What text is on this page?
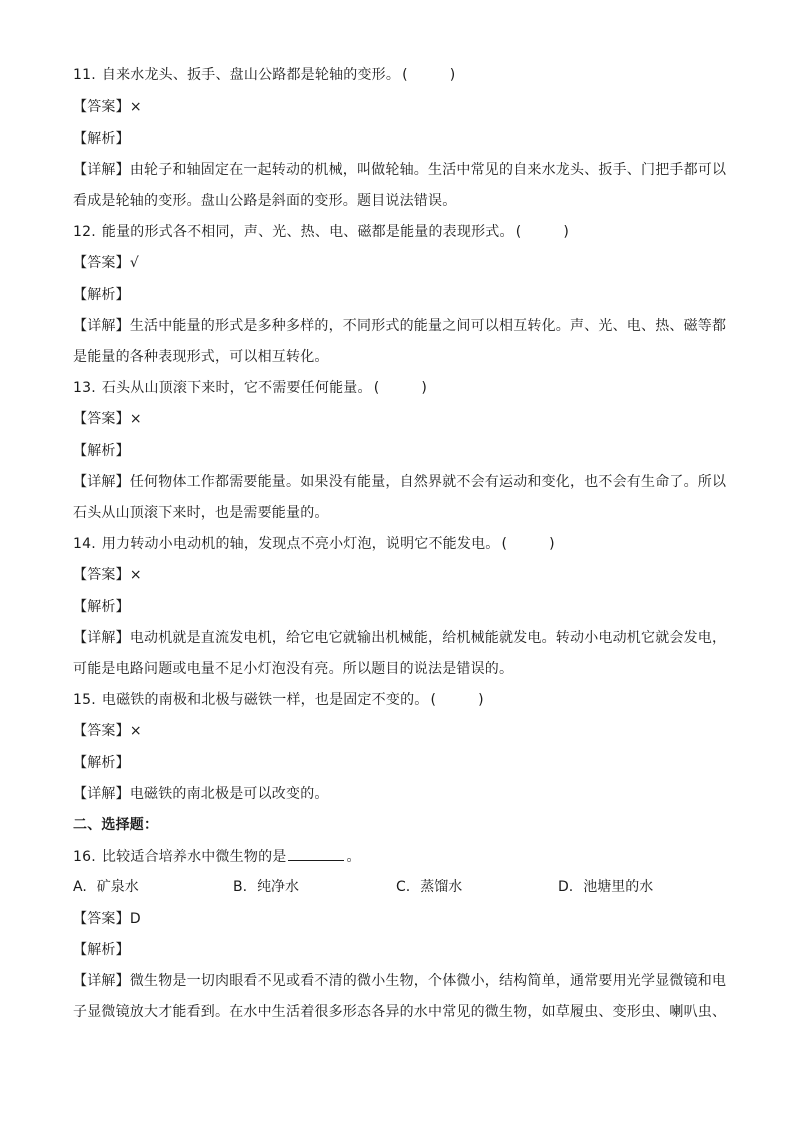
11. 自来水龙头、扳手、盘山公路都是轮轴的变形。 (	)
【答案】×
【解析】
【详解】由轮子和轴固定在一起转动的机械，叫做轮轴。生活中常见的自来水龙头、扳手、门把手都可以
看成是轮轴的变形。盘山公路是斜面的变形。题目说法错误。
12. 能量的形式各不相同，声、光、热、电、磁都是能量的表现形式。 (	)
【答案】√
【解析】
【详解】生活中能量的形式是多种多样的，不同形式的能量之间可以相互转化。声、光、电、热、磁等都
是能量的各种表现形式，可以相互转化。
13. 石头从山顶滚下来时，它不需要任何能量。 (	)
【答案】×
【解析】
【详解】任何物体工作都需要能量。如果没有能量，自然界就不会有运动和变化，也不会有生命了。所以
石头从山顶滚下来时，也是需要能量的。
14. 用力转动小电动机的轴，发现点不亮小灯泡，说明它不能发电。 (	)
【答案】×
【解析】
【详解】电动机就是直流发电机，给它电它就输出机械能，给机械能就发电。转动小电动机它就会发电，
可能是电路问题或电量不足小灯泡没有亮。所以题目的说法是错误的。
15. 电磁铁的南极和北极与磁铁一样，也是固定不变的。 (	)
【答案】×
【解析】
【详解】电磁铁的南北极是可以改变的。
二、选择题：
16. 比较适合培养水中微生物的是	。
A. 矿泉水	B. 纯净水	C. 蒸馏水	D. 池塘里的水
【答案】D
【解析】
【详解】微生物是一切肉眼看不见或看不清的微小生物，个体微小，结构简单，通常要用光学显微镜和电
子显微镜放大才能看到。在水中生活着很多形态各异的水中常见的微生物，如草履虫、变形虫、喇叭虫、
